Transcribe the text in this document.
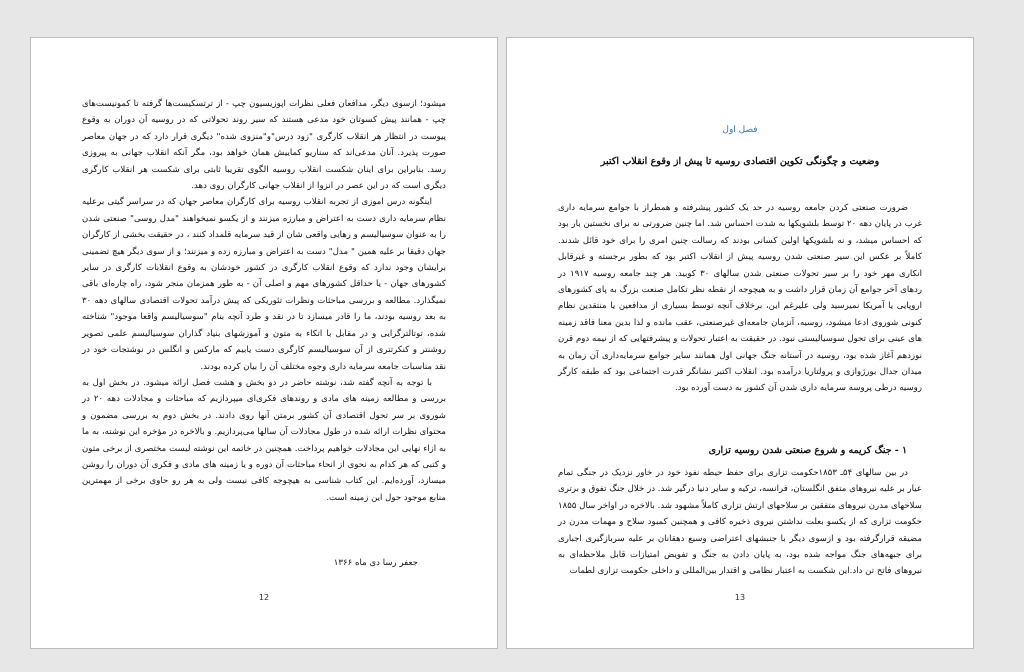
میشود؛ ازسوی دیگر، مدافعان فعلی نظرات اپوزیسیون چپ - از ترتسکیست‌ها گرفته تا کمونیست‌های چپ - همانند پیش کسوتان خود مدعی هستند که سیر روند تحولاتی که در روسیه آن دوران به وقوع پیوست در انتظار هر انقلاب کارگری "زود درس"و"منزوی شده" دیگری قرار دارد که در جهان معاصر صورت پذیرد. آنان مدعی‌اند که سناریو کماییش همان خواهد بود، مگر آنکه انقلاب جهانی به پیروزی رسد. بنابراین برای اینان شکست انقلاب روسیه الگوی تقریبا ثابتی برای شکست هر انقلاب کارگری دیگری است که در این عصر در انزوا از انقلاب جهانی کارگران روی دهد.

اینگونه درس اموزی از تجربه انقلاب روسیه برای کارگران معاصر جهان که در سراسر گیتی برعلیه نظام سرمایه داری دست به اعتراض و مبارزه میزنند و از یکسو نمیخواهند "مدل روسی" صنعتی شدن را به عنوان سوسیالیسم و رهایی واقعی شان از قید سرمایه قلمداد کنند ، در حقیقت بخشی از کارگران جهان دقیقا بر علیه همین " مدل" دست به اعتراض و مبارزه زده و میزنند؛ و از سوی دیگر هیچ تضمینی برایشان وجود ندارد که وقوع انقلاب کارگری در کشور خودشان به وقوع انقلابات کارگری در سایر کشورهای جهان - یا حداقل کشورهای مهم و اصلی آن - به طور همزمان منجر شود، راه چاره‌ای باقی نمیگذارد. مطالعه و بررسی مباحثات ونظرات تئوریکی که پیش درآمد تحولات اقتصادی سالهای دهه ۳۰ به بعد روسیه بودند، ما را قادر میسازد تا در نقد و طرد آنچه بنام "سوسیالیسم واقعا موجود" شناخته شده، توتالترگرایی و در مقابل با اتکاء به متون و آموزشهای بنیاد گذاران سوسیالیسم علمی تصویر روشنتر و کنکرتتری از آن سوسیالیسم کارگری دست یابیم که مارکس و انگلس در نوشتجات خود در نقد مناسبات جامعه سرمایه داری وجوه مختلف آن را بیان کرده بودند.

با توجه به آنچه گفته شد، نوشته حاضر در دو بخش و هشت فصل ارائه میشود. در بخش اول به بررسی و مطالعه زمینه های مادی و روندهای فکری‌ای میپردازیم که مباحثات و مجادلات دهه ۲۰ در شوروی بر سر تحول اقتصادی آن کشور برمتن آنها روی دادند. در بخش دوم به بررسی مضمون و محتوای نظرات ارائه شده در طول مجادلات آن سالها می‌پردازیم. و بالاخره در مؤخره این نوشته، به ما به ازاء نهایی این مجادلات خواهیم پرداخت. همچنین در خاتمه این نوشته لیست مختصری از برخی متون و کتبی که هر کدام به نحوی از انحاء مباحثات آن دوره و یا زمینه های مادی و فکری آن دوران را روشن میسازد، آورده‌ایم. این کتاب شناسی به هیچوجه کافی نیست ولی به هر رو حاوی برخی از مهمترین منابع موجود حول این زمینه است.

جعفر رسا دی ماه ۱۳۶۶
12
فصل اول
وضعیت و چگونگی تکوین اقتصادی روسیه تا پیش از وقوع انقلاب اکتبر

ضرورت صنعتی کردن جامعه روسیه در حد یک کشور پیشرفته و همطراز با جوامع سرمایه داری غرب در پایان دهه ۲۰ توسط بلشویکها به شدت احساس شد. اما چنین ضرورتی نه برای نخستین بار بود که احساس میشد، و نه بلشویکها اولین کسانی بودند که رسالت چنین امری را برای خود قائل شدند. کاملاً بر عکس این سیر صنعتی شدن روسیه پیش از انقلاب اکتبر بود که بطور برجسته و غیرقابل انکاری مهر خود را بر سیر تحولات صنعتی شدن سالهای ۳۰ کوبید. هر چند جامعه روسیه ۱۹۱۷ در ردهای آخر جوامع آن زمان قرار داشت و به هیچوجه از نقطه نظر تکامل صنعت بزرگ به پای کشورهای اروپایی یا آمریکا نمیرسید ولی علیرغم این، برخلاف آنچه توسط بسیاری از مدافعین یا منتقدین نظام کنونی شوروی ادعا میشود، روسیه، آنزمان جامعه‌ای غیرصنعتی، عقب مانده و لذا بدین معنا فاقد زمینه های عینی برای تحول سوسیالیستی نبود. در حقیقت به اعتبار تحولات و پیشرفتهایی که از نیمه دوم قرن نوزدهم آغاز شده بود، روسیه در آستانه جنگ جهانی اول همانند سایر جوامع سرمایه‌داری آن زمان به میدان جدال بورژوازی و پرولتاریا درآمده بود. انقلاب اکتبر نشانگر قدرت اجتماعی بود که طبقه کارگر روسیه درطی پروسه سرمایه داری شدن آن کشور به دست آورده بود.

۱ - جنگ کریمه و شروع صنعتی شدن روسیه تزاری

در بین سالهای ۵۴ـ ۱۸۵۳حکومت تزاری برای حفظ حیطه نفوذ خود در خاور نزدیک در جنگی تمام عیار بر علیه نیروهای متفق انگلستان، فرانسه، ترکیه و سایر دنیا درگیر شد. در خلال جنگ تفوق و برتری سلاحهای مدرن نیروهای متفقین بر سلاحهای ارتش تزاری کاملاً مشهود شد. بالاخره در اواخر سال ۱۸۵۵ حکومت تزاری که از یکسو بعلت نداشتن نیروی ذخیره کافی و همچنین کمبود سلاح و مهمات مدرن در مضیقه قرارگرفته بود و ازسوی دیگر با جنبشهای اعتراضی وسیع دهقانان بر علیه سربازگیری اجباری برای جبهه‌های جنگ مواجه شده بود، به پایان دادن به جنگ و تفویض امتیازات قابل ملاحظه‌ای به نیروهای فاتح تن داد.این شکست به اعتبار نظامی و اقتدار بین‌المللی و داخلی حکومت تزاری لطمات

13
